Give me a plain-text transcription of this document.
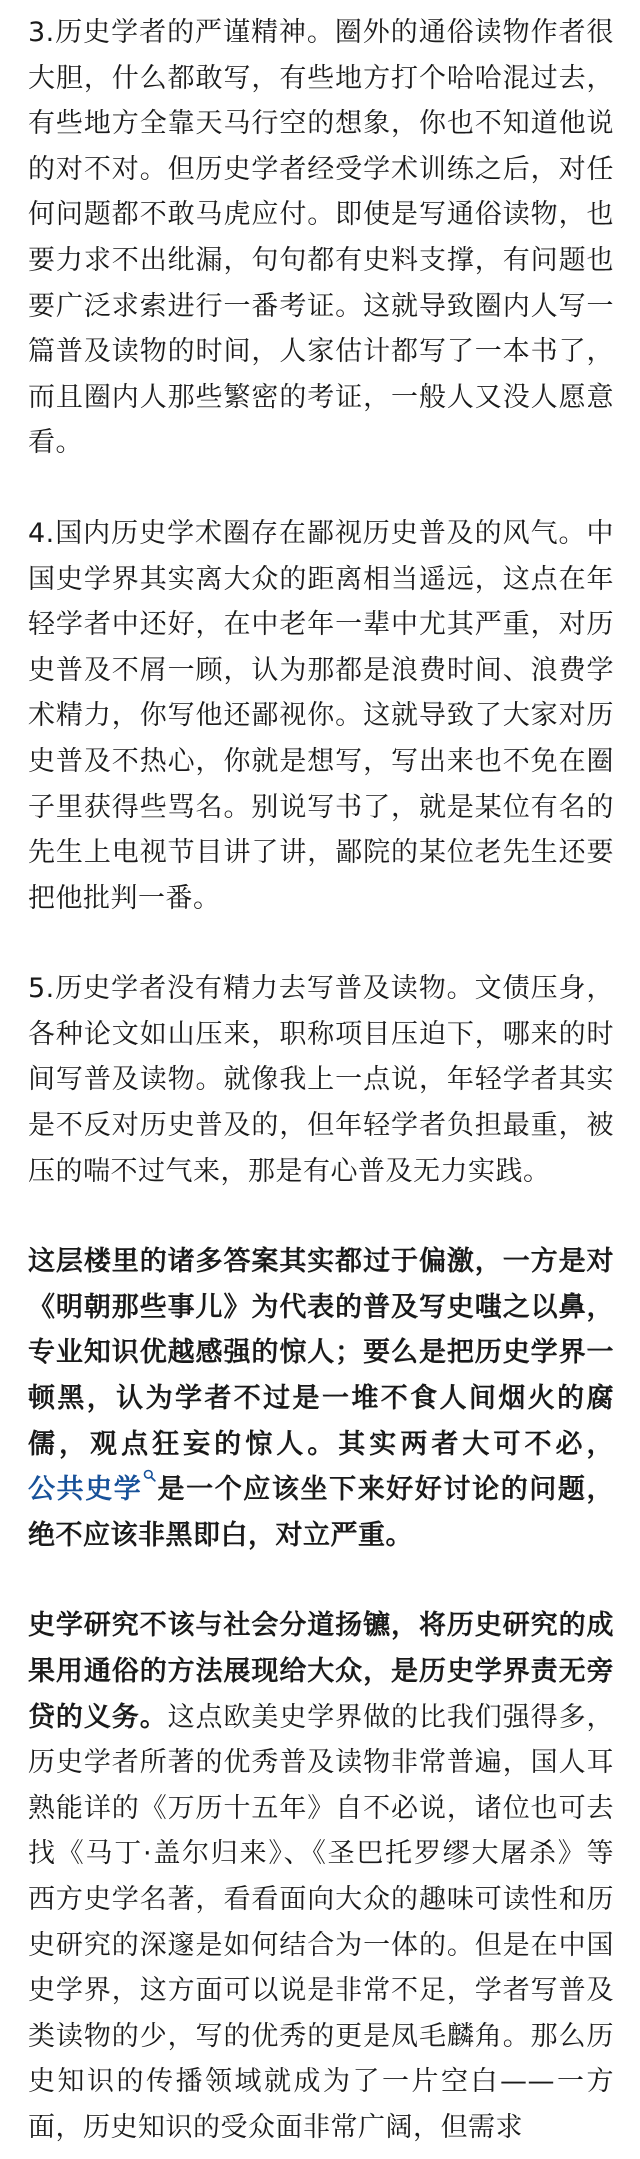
3.历史学者的严谨精神。圈外的通俗读物作者很大胆，什么都敢写，有些地方打个哈哈混过去，有些地方全靠天马行空的想象，你也不知道他说的对不对。但历史学者经受学术训练之后，对任何问题都不敢马虎应付。即使是写通俗读物，也要力求不出纰漏，句句都有史料支撑，有问题也要广泛求索进行一番考证。这就导致圈内人写一篇普及读物的时间，人家估计都写了一本书了，而且圈内人那些繁密的考证，一般人又没人愿意看。

4.国内历史学术圈存在鄙视历史普及的风气。中国史学界其实离大众的距离相当遥远，这点在年轻学者中还好，在中老年一辈中尤其严重，对历史普及不屑一顾，认为那都是浪费时间、浪费学术精力，你写他还鄙视你。这就导致了大家对历史普及不热心，你就是想写，写出来也不免在圈子里获得些骂名。别说写书了，就是某位有名的先生上电视节目讲了讲，鄙院的某位老先生还要把他批判一番。

5.历史学者没有精力去写普及读物。文债压身，各种论文如山压来，职称项目压迫下，哪来的时间写普及读物。就像我上一点说，年轻学者其实是不反对历史普及的，但年轻学者负担最重，被压的喘不过气来，那是有心普及无力实践。

这层楼里的诸多答案其实都过于偏激，一方是对《明朝那些事儿》为代表的普及写史嗤之以鼻，专业知识优越感强的惊人；要么是把历史学界一顿黑，认为学者不过是一堆不食人间烟火的腐儒，观点狂妄的惊人。其实两者大可不必，公共史学 是一个应该坐下来好好讨论的问题，绝不应该非黑即白，对立严重。

史学研究不该与社会分道扬镳，将历史研究的成果用通俗的方法展现给大众，是历史学界责无旁贷的义务。这点欧美史学界做的比我们强得多，历史学者所著的优秀普及读物非常普遍，国人耳熟能详的《万历十五年》自不必说，诸位也可去找《马丁·盖尔归来》、《圣巴托罗缪大屠杀》等西方史学名著，看看面向大众的趣味可读性和历史研究的深邃是如何结合为一体的。但是在中国史学界，这方面可以说是非常不足，学者写普及类读物的少，写的优秀的更是凤毛麟角。那么历史知识的传播领域就成为了一片空白——一方面，历史知识的受众面非常广阔，但需求
